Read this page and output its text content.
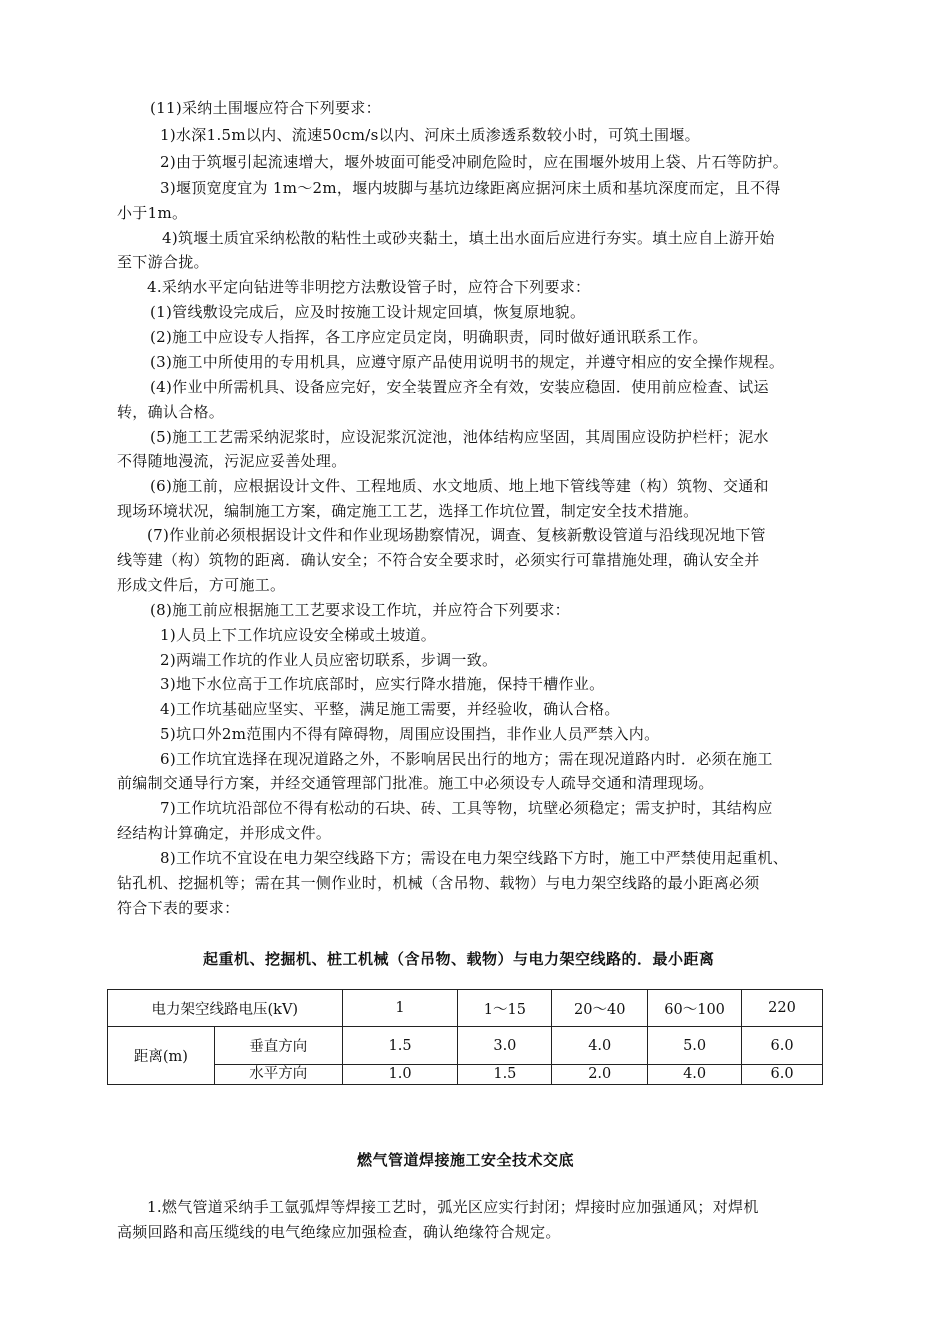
(11)采纳土围堰应符合下列要求：
1)水深1.5m以内、流速50cm/s以内、河床土质渗透系数较小时，可筑土围堰。
2)由于筑堰引起流速增大，堰外坡面可能受冲刷危险时，应在围堰外坡用上袋、片石等防护。
3)堰顶宽度宜为 1m～2m，堰内坡脚与基坑边缘距离应据河床土质和基坑深度而定，且不得
小于1m。
4)筑堰土质宜采纳松散的粘性土或砂夹黏土，填土出水面后应进行夯实。填土应自上游开始
至下游合拢。
4.采纳水平定向钻进等非明挖方法敷设管子时，应符合下列要求：
(1)管线敷设完成后，应及时按施工设计规定回填，恢复原地貌。
(2)施工中应设专人指挥，各工序应定员定岗，明确职责，同时做好通讯联系工作。
(3)施工中所使用的专用机具，应遵守原产品使用说明书的规定，并遵守相应的安全操作规程。
(4)作业中所需机具、设备应完好，安全装置应齐全有效，安装应稳固．使用前应检查、试运
转，确认合格。
(5)施工工艺需采纳泥浆时，应设泥浆沉淀池，池体结构应坚固，其周围应设防护栏杆；泥水
不得随地漫流，污泥应妥善处理。
(6)施工前，应根据设计文件、工程地质、水文地质、地上地下管线等建（构）筑物、交通和
现场环境状况，编制施工方案，确定施工工艺，选择工作坑位置，制定安全技术措施。
(7)作业前必须根据设计文件和作业现场勘察情况，调查、复核新敷设管道与沿线现况地下管
线等建（构）筑物的距离．确认安全；不符合安全要求时，必须实行可靠措施处理，确认安全并
形成文件后，方可施工。
(8)施工前应根据施工工艺要求设工作坑，并应符合下列要求：
1)人员上下工作坑应设安全梯或土坡道。
2)两端工作坑的作业人员应密切联系，步调一致。
3)地下水位高于工作坑底部时，应实行降水措施，保持干槽作业。
4)工作坑基础应坚实、平整，满足施工需要，并经验收，确认合格。
5)坑口外2m范围内不得有障碍物，周围应设围挡，非作业人员严禁入内。
6)工作坑宜选择在现况道路之外，不影响居民出行的地方；需在现况道路内时．必须在施工
前编制交通导行方案，并经交通管理部门批准。施工中必须设专人疏导交通和清理现场。
7)工作坑坑沿部位不得有松动的石块、砖、工具等物，坑壁必须稳定；需支护时，其结构应
经结构计算确定，并形成文件。
8)工作坑不宜设在电力架空线路下方；需设在电力架空线路下方时，施工中严禁使用起重机、
钻孔机、挖掘机等；需在其一侧作业时，机械（含吊物、载物）与电力架空线路的最小距离必须
符合下表的要求：
起重机、挖掘机、桩工机械（含吊物、载物）与电力架空线路的．最小距离
电力架空线路电压(kV)		1	1～15	20～40	60～100	220
距离(m)	垂直方向	1.5	3.0	4.0	5.0	6.0
	水平方向	1.0	1.5	2.0	4.0	6.0
燃气管道焊接施工安全技术交底
1.燃气管道采纳手工氩弧焊等焊接工艺时，弧光区应实行封闭；焊接时应加强通风；对焊机
高频回路和高压缆线的电气绝缘应加强检查，确认绝缘符合规定。
